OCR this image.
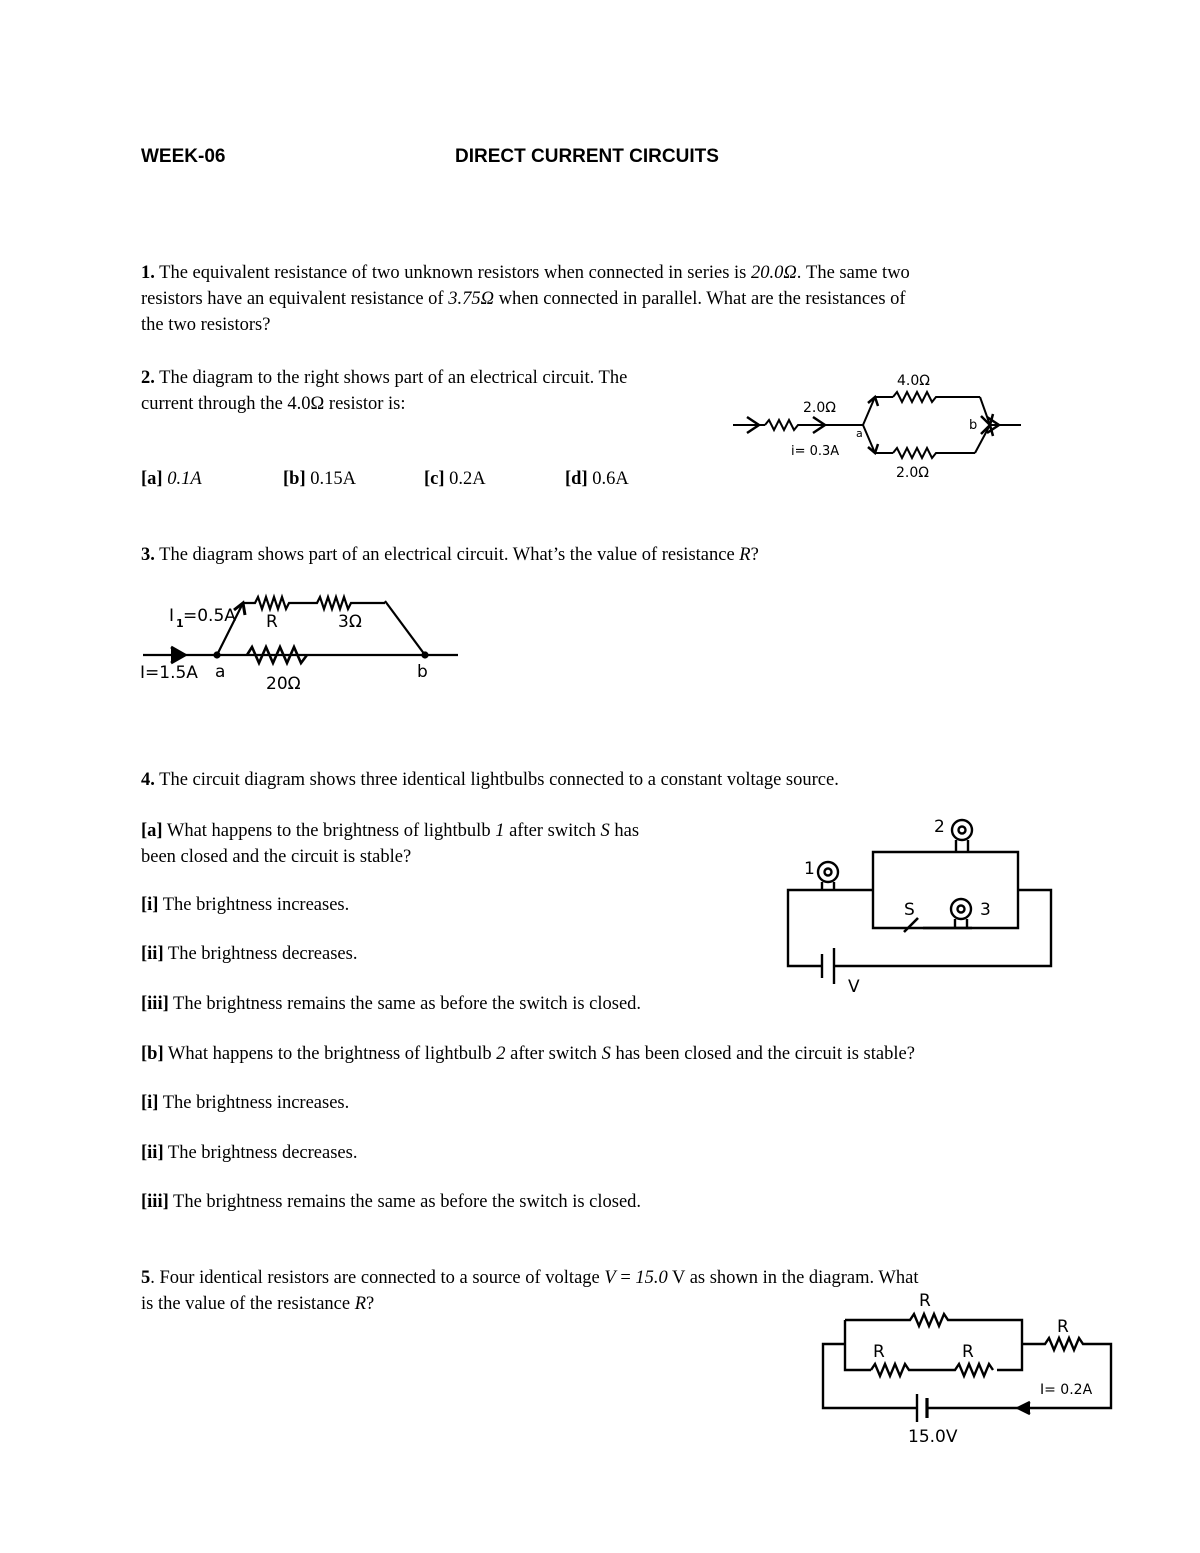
WEEK-06	DIRECT CURRENT CIRCUITS
1. The equivalent resistance of two unknown resistors when connected in series is 20.0Ω. The same two
resistors have an equivalent resistance of 3.75Ω when connected in parallel. What are the resistances of
the two resistors?
2. The diagram to the right shows part of an electrical circuit. The
current through the 4.0Ω resistor is:
[a] 0.1A	[b] 0.15A	[c] 0.2A	[d] 0.6A
4.0Ω
2.0Ω
2.0Ω
i= 0.3A
a
b
3. The diagram shows part of an electrical circuit. What’s the value of resistance R?
I 1 =0.5A
I=1.5A
R	3Ω
20Ω
a	b
4. The circuit diagram shows three identical lightbulbs connected to a constant voltage source.
[a] What happens to the brightness of lightbulb 1 after switch S has
been closed and the circuit is stable?
[i] The brightness increases.
[ii] The brightness decreases.
[iii] The brightness remains the same as before the switch is closed.
[b] What happens to the brightness of lightbulb 2 after switch S has been closed and the circuit is stable?
[i] The brightness increases.
[ii] The brightness decreases.
[iii] The brightness remains the same as before the switch is closed.
1
2
3
S
V
5. Four identical resistors are connected to a source of voltage V = 15.0 V as shown in the diagram. What
is the value of the resistance R?	R
R
R	R
I= 0.2A
15.0V
